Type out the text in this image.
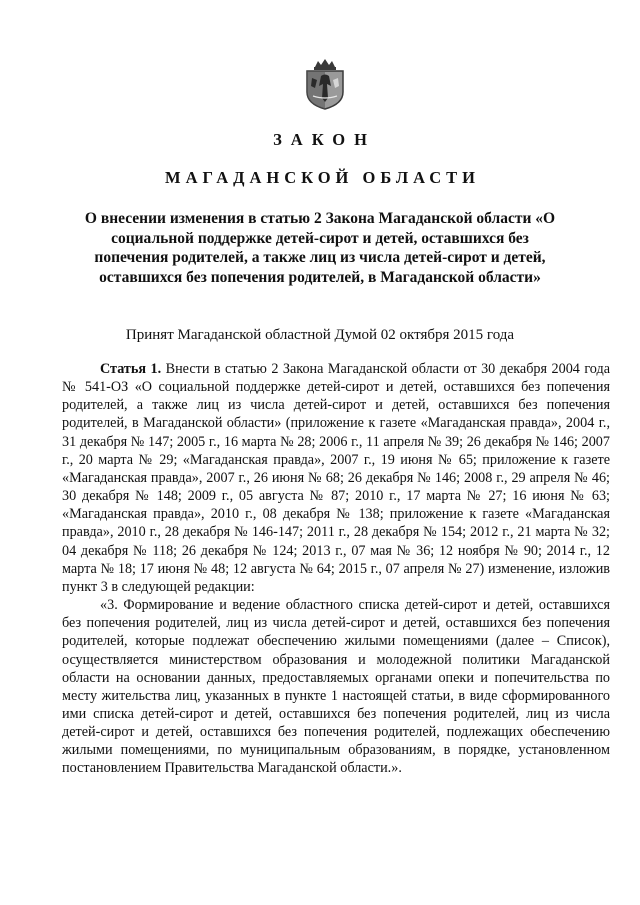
ЗАКОН
МАГАДАНСКОЙ ОБЛАСТИ
О внесении изменения в статью 2 Закона Магаданской области «О социальной поддержке детей-сирот и детей, оставшихся без попечения родителей, а также лиц из числа детей-сирот и детей, оставшихся без попечения родителей, в Магаданской области»
Принят Магаданской областной Думой 02 октября 2015 года

Статья 1. Внести в статью 2 Закона Магаданской области от 30 декабря 2004 года № 541-ОЗ «О социальной поддержке детей-сирот и детей, оставшихся без попечения родителей, а также лиц из числа детей-сирот и детей, оставшихся без попечения родителей, в Магаданской области» (приложение к газете «Магаданская правда», 2004 г., 31 декабря № 147; 2005 г., 16 марта № 28; 2006 г., 11 апреля № 39; 26 декабря № 146; 2007 г., 20 марта № 29; «Магаданская правда», 2007 г., 19 июня № 65; приложение к газете «Магаданская правда», 2007 г., 26 июня № 68; 26 декабря № 146; 2008 г., 29 апреля № 46; 30 декабря № 148; 2009 г., 05 августа № 87; 2010 г., 17 марта № 27; 16 июня № 63; «Магаданская правда», 2010 г., 08 декабря № 138; приложение к газете «Магаданская правда», 2010 г., 28 декабря № 146-147; 2011 г., 28 декабря № 154; 2012 г., 21 марта № 32; 04 декабря № 118; 26 декабря № 124; 2013 г., 07 мая № 36; 12 ноября № 90; 2014 г., 12 марта № 18; 17 июня № 48; 12 августа № 64; 2015 г., 07 апреля № 27) изменение, изложив пункт 3 в следующей редакции:

«3. Формирование и ведение областного списка детей-сирот и детей, оставшихся без попечения родителей, лиц из числа детей-сирот и детей, оставшихся без попечения родителей, которые подлежат обеспечению жилыми помещениями (далее – Список), осуществляется министерством образования и молодежной политики Магаданской области на основании данных, предоставляемых органами опеки и попечительства по месту жительства лиц, указанных в пункте 1 настоящей статьи, в виде сформированного ими списка детей-сирот и детей, оставшихся без попечения родителей, лиц из числа детей-сирот и детей, оставшихся без попечения родителей, подлежащих обеспечению жилыми помещениями, по муниципальным образованиям, в порядке, установленном постановлением Правительства Магаданской области.».
